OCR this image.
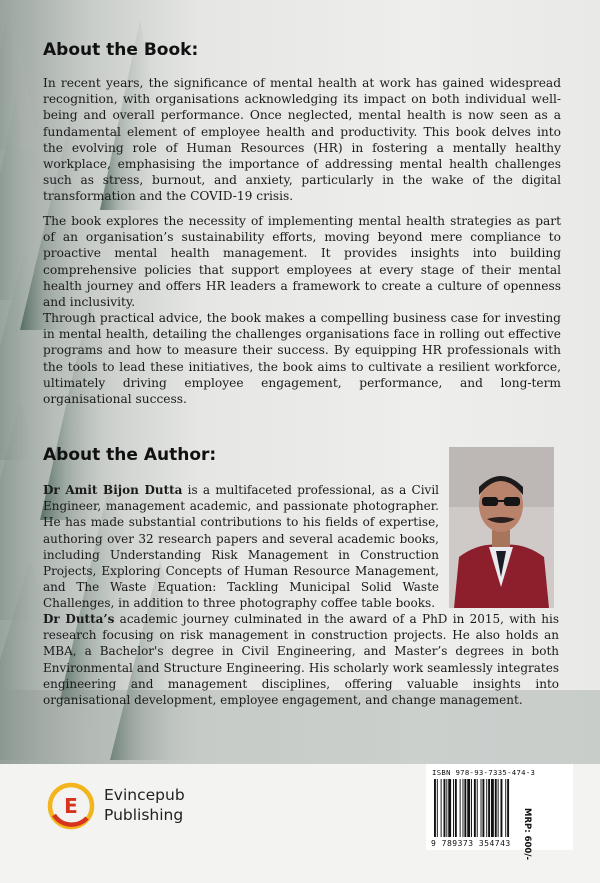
About the Book:

In recent years, the significance of mental health at work has gained widespread recognition, with organisations acknowledging its impact on both individual well-being and overall performance. Once neglected, mental health is now seen as a fundamental element of employee health and productivity. This book delves into the evolving role of Human Resources (HR) in fostering a mentally healthy workplace, emphasising the importance of addressing mental health challenges such as stress, burnout, and anxiety, particularly in the wake of the digital transformation and the COVID-19 crisis.

The book explores the necessity of implementing mental health strategies as part of an organisation’s sustainability efforts, moving beyond mere compliance to proactive mental health management. It provides insights into building comprehensive policies that support employees at every stage of their mental health journey and offers HR leaders a framework to create a culture of openness and inclusivity.

Through practical advice, the book makes a compelling business case for investing in mental health, detailing the challenges organisations face in rolling out effective programs and how to measure their success. By equipping HR professionals with the tools to lead these initiatives, the book aims to cultivate a resilient workforce, ultimately driving employee engagement, performance, and long-term organisational success.

About the Author:

Dr Amit Bijon Dutta is a multifaceted professional, as a Civil Engineer, management academic, and passionate photographer. He has made substantial contributions to his fields of expertise, authoring over 32 research papers and several academic books, including Understanding Risk Management in Construction Projects, Exploring Concepts of Human Resource Management, and The Waste Equation: Tackling Municipal Solid Waste Challenges, in addition to three photography coffee table books.

Dr Dutta’s academic journey culminated in the award of a PhD in 2015, with his research focusing on risk management in construction projects. He also holds an MBA, a Bachelor's degree in Civil Engineering, and Master’s degrees in both Environmental and Structure Engineering. His scholarly work seamlessly integrates engineering and management disciplines, offering valuable insights into organisational development, employee engagement, and change management.

E Evincepub
Publishing
ISBN 978-93-7335-474-3
MRP: 600/-
9 789373 354743
